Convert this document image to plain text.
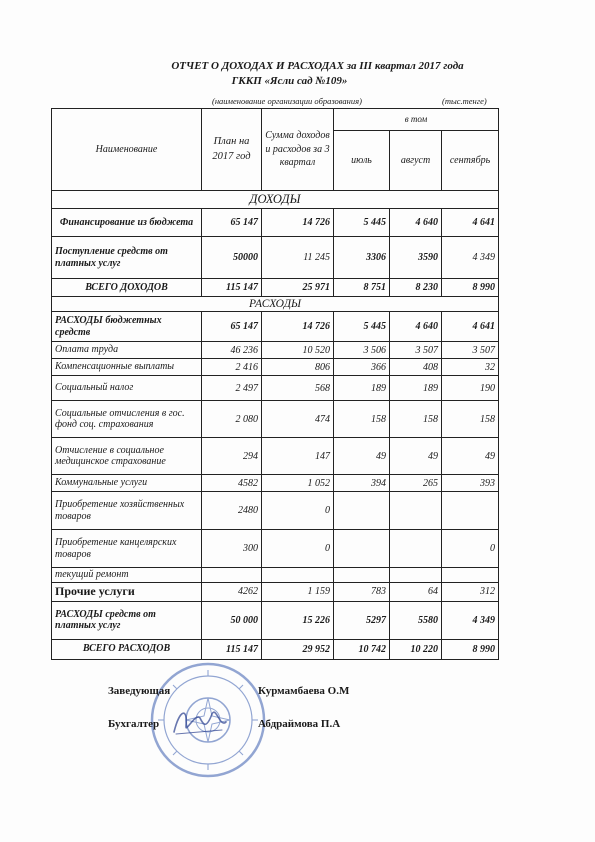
ОТЧЕТ О ДОХОДАХ И РАСХОДАХ за III квартал 2017 года
ГККП «Ясли сад №109»
(наименование организации образования)	(тыс.тенге)
Наименование	План на 2017 год	Сумма доходов и расходов за 3 квартал	в том		
			июль	август	сентябрь
ДОХОДЫ					
Финансирование из бюджета	65 147	14 726	5 445	4 640	4 641
Поступление средств от платных услуг	50000	11 245	3306	3590	4 349
ВСЕГО ДОХОДОВ	115 147	25 971	8 751	8 230	8 990
РАСХОДЫ					
РАСХОДЫ бюджетных средств	65 147	14 726	5 445	4 640	4 641
Оплата труда	46 236	10 520	3 506	3 507	3 507
Компенсационные выплаты	2 416	806	366	408	32
Социальный налог	2 497	568	189	189	190
Социальные отчисления в гос. фонд соц. страхования	2 080	474	158	158	158
Отчисление в социальное медицинское страхование	294	147	49	49	49
Коммунальные услуги	4582	1 052	394	265	393
Приобретение хозяйственных товаров	2480	0			
Приобретение канцелярских товаров	300	0			0
текущий ремонт					
Прочие услуги	4262	1 159	783	64	312
РАСХОДЫ средств от платных услуг	50 000	15 226	5297	5580	4 349
ВСЕГО РАСХОДОВ	115 147	29 952	10 742	10 220	8 990
Заведующая	Курмамбаева О.М
Бухгалтер	Абдраймова П.А
